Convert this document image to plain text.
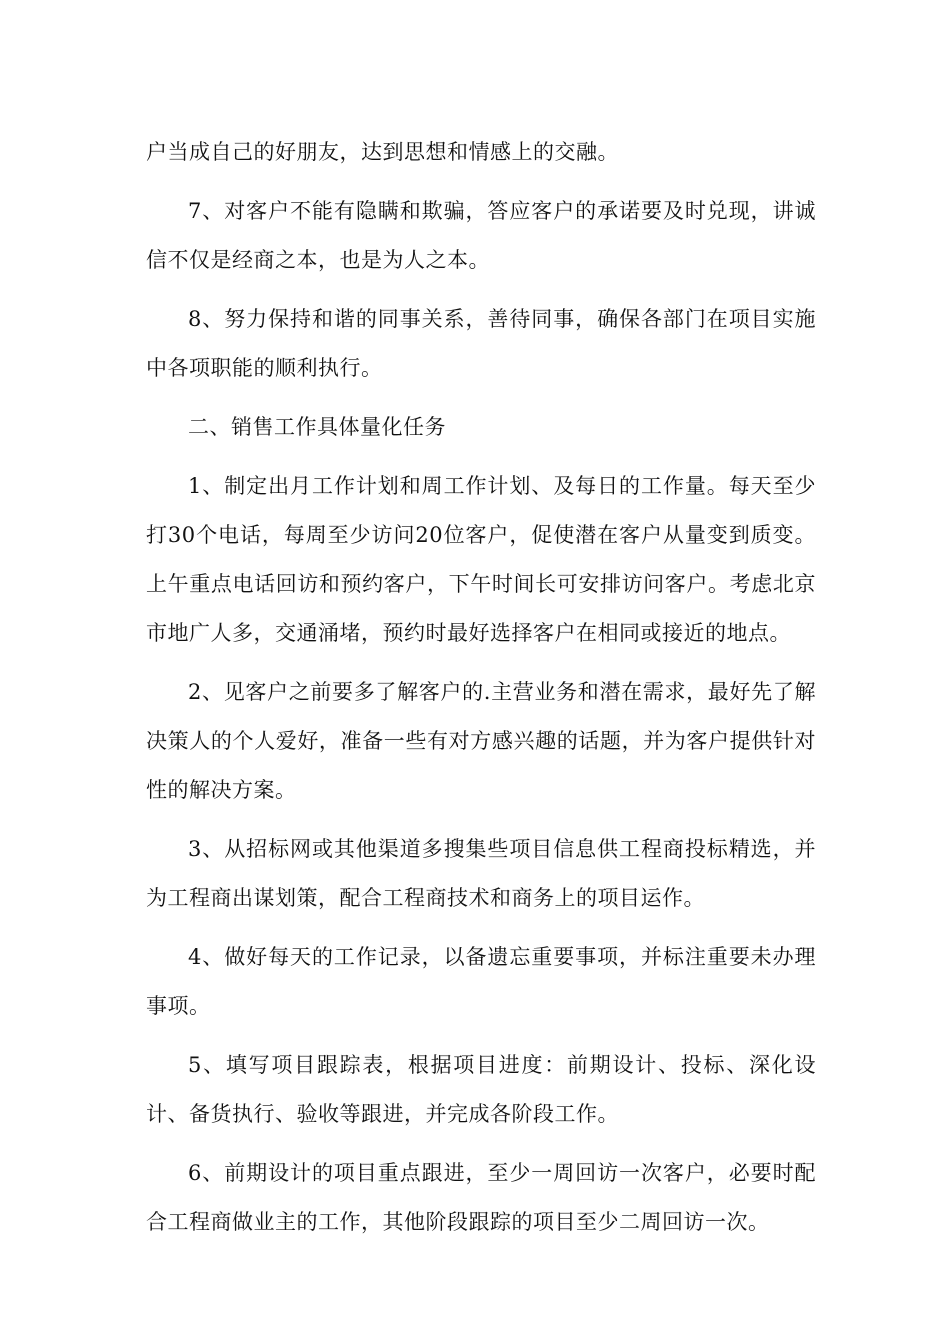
户当成自己的好朋友，达到思想和情感上的交融。

7、对客户不能有隐瞒和欺骗，答应客户的承诺要及时兑现，讲诚信不仅是经商之本，也是为人之本。

8、努力保持和谐的同事关系，善待同事，确保各部门在项目实施中各项职能的顺利执行。

二、销售工作具体量化任务

1、制定出月工作计划和周工作计划、及每日的工作量。每天至少打30个电话，每周至少访问20位客户，促使潜在客户从量变到质变。上午重点电话回访和预约客户，下午时间长可安排访问客户。考虑北京市地广人多，交通涌堵，预约时最好选择客户在相同或接近的地点。

2、见客户之前要多了解客户的.主营业务和潜在需求，最好先了解决策人的个人爱好，准备一些有对方感兴趣的话题，并为客户提供针对性的解决方案。

3、从招标网或其他渠道多搜集些项目信息供工程商投标精选，并为工程商出谋划策，配合工程商技术和商务上的项目运作。

4、做好每天的工作记录，以备遗忘重要事项，并标注重要未办理事项。

5、填写项目跟踪表，根据项目进度：前期设计、投标、深化设计、备货执行、验收等跟进，并完成各阶段工作。

6、前期设计的项目重点跟进，至少一周回访一次客户，必要时配合工程商做业主的工作，其他阶段跟踪的项目至少二周回访一次。
